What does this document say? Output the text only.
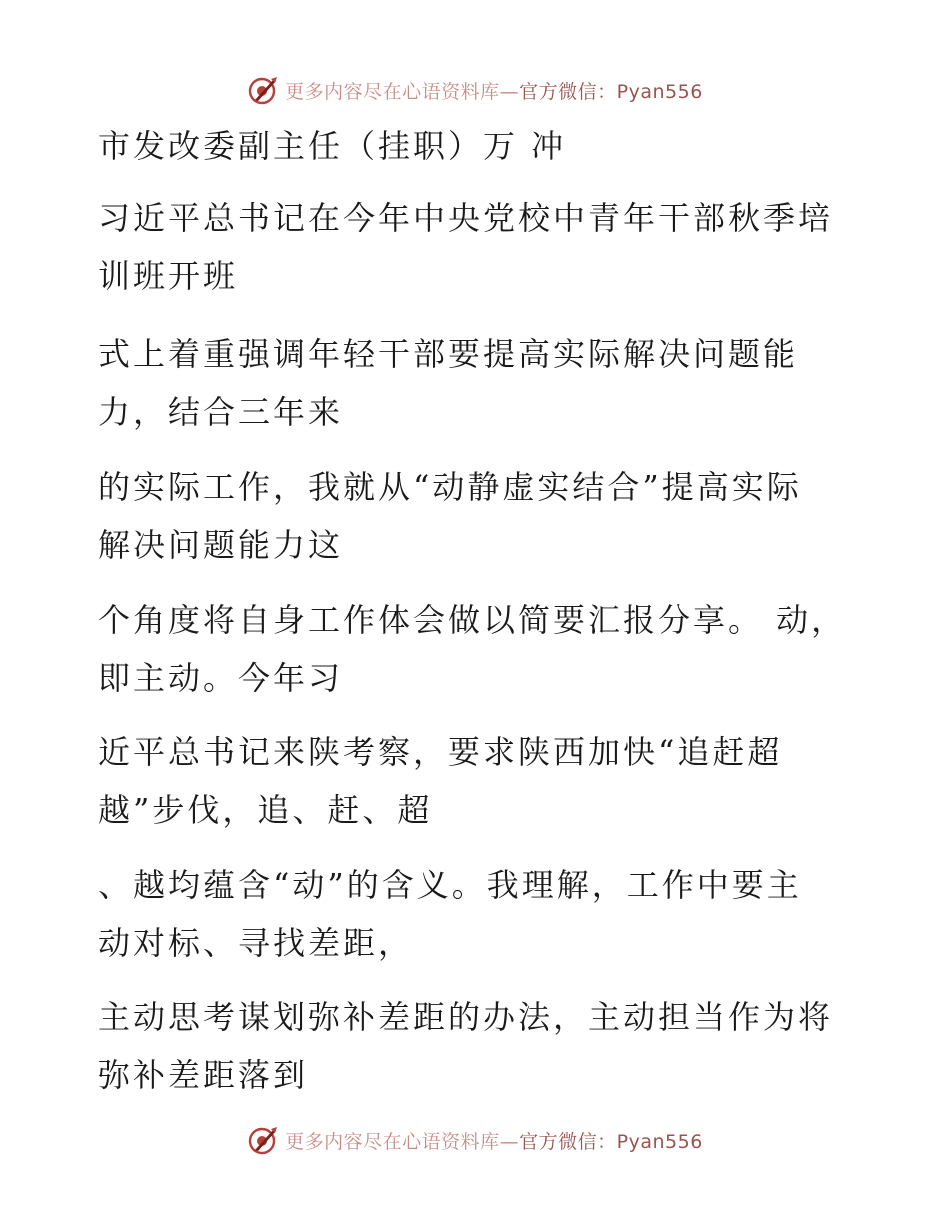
更多内容尽在心语资料库—官方微信：Pyan556
市发改委副主任（挂职）万 冲
习近平总书记在今年中央党校中青年干部秋季培
训班开班
式上着重强调年轻干部要提高实际解决问题能
力，结合三年来
的实际工作，我就从“动静虚实结合”提高实际
解决问题能力这
个角度将自身工作体会做以简要汇报分享。 动，
即主动。今年习
近平总书记来陕考察，要求陕西加快“追赶超
越”步伐，追、赶、超
、越均蕴含“动”的含义。我理解，工作中要主
动对标、寻找差距，
主动思考谋划弥补差距的办法，主动担当作为将
弥补差距落到
更多内容尽在心语资料库—官方微信：Pyan556
